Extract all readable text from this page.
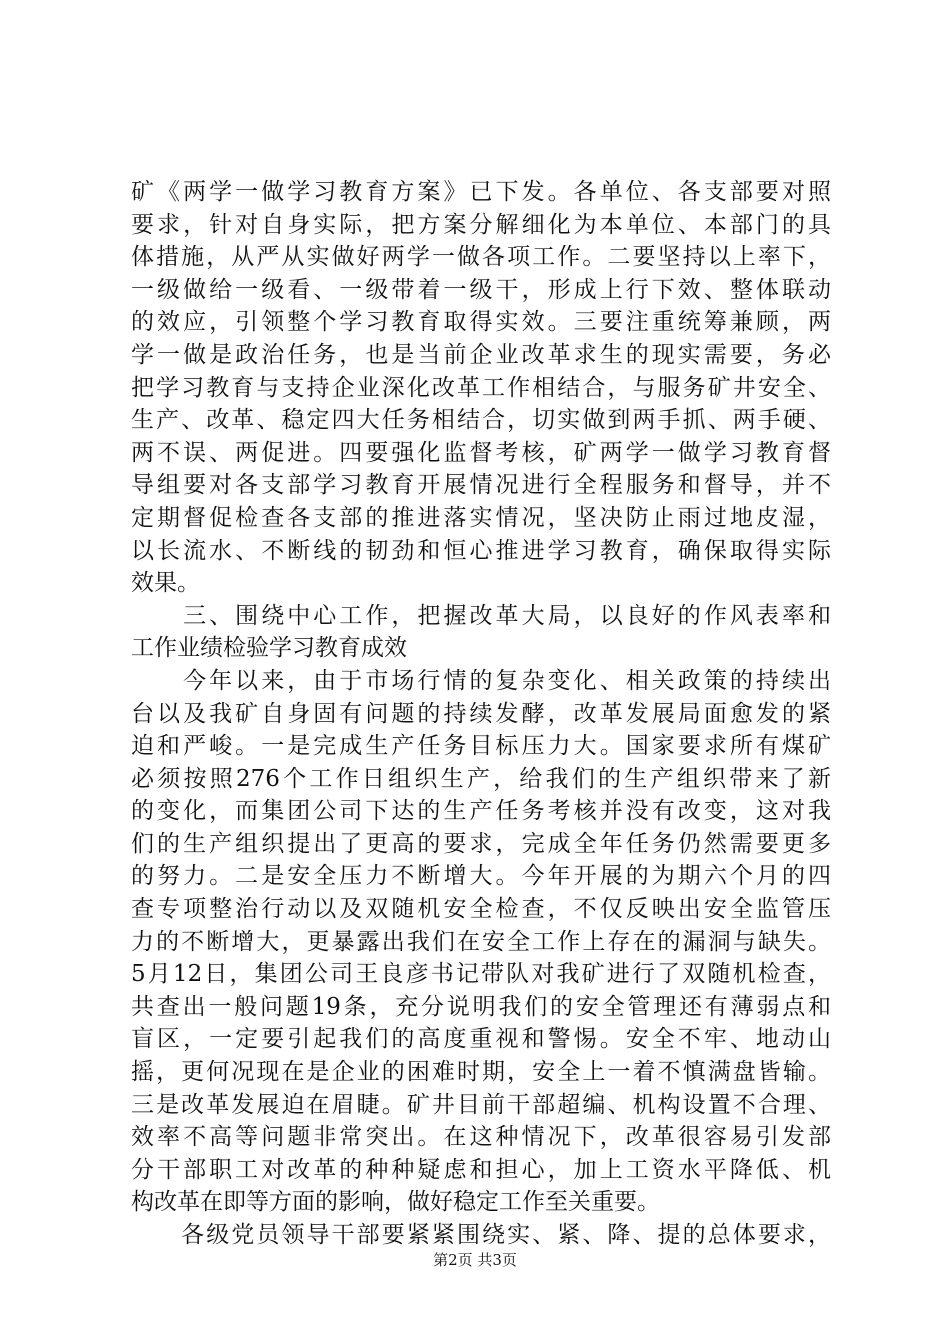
矿《两学一做学习教育方案》已下发。各单位、各支部要对照
要求，针对自身实际，把方案分解细化为本单位、本部门的具
体措施，从严从实做好两学一做各项工作。二要坚持以上率下，
一级做给一级看、一级带着一级干，形成上行下效、整体联动
的效应，引领整个学习教育取得实效。三要注重统筹兼顾，两
学一做是政治任务，也是当前企业改革求生的现实需要，务必
把学习教育与支持企业深化改革工作相结合，与服务矿井安全、
生产、改革、稳定四大任务相结合，切实做到两手抓、两手硬、
两不误、两促进。四要强化监督考核，矿两学一做学习教育督
导组要对各支部学习教育开展情况进行全程服务和督导，并不
定期督促检查各支部的推进落实情况，坚决防止雨过地皮湿，
以长流水、不断线的韧劲和恒心推进学习教育，确保取得实际
效果。
　　三、围绕中心工作，把握改革大局，以良好的作风表率和
工作业绩检验学习教育成效
　　今年以来，由于市场行情的复杂变化、相关政策的持续出
台以及我矿自身固有问题的持续发酵，改革发展局面愈发的紧
迫和严峻。一是完成生产任务目标压力大。国家要求所有煤矿
必须按照276个工作日组织生产，给我们的生产组织带来了新
的变化，而集团公司下达的生产任务考核并没有改变，这对我
们的生产组织提出了更高的要求，完成全年任务仍然需要更多
的努力。二是安全压力不断增大。今年开展的为期六个月的四
查专项整治行动以及双随机安全检查，不仅反映出安全监管压
力的不断增大，更暴露出我们在安全工作上存在的漏洞与缺失。
5月12日，集团公司王良彦书记带队对我矿进行了双随机检查，
共查出一般问题19条，充分说明我们的安全管理还有薄弱点和
盲区，一定要引起我们的高度重视和警惕。安全不牢、地动山
摇，更何况现在是企业的困难时期，安全上一着不慎满盘皆输。
三是改革发展迫在眉睫。矿井目前干部超编、机构设置不合理、
效率不高等问题非常突出。在这种情况下，改革很容易引发部
分干部职工对改革的种种疑虑和担心，加上工资水平降低、机
构改革在即等方面的影响，做好稳定工作至关重要。
　　各级党员领导干部要紧紧围绕实、紧、降、提的总体要求，
第2页 共3页
